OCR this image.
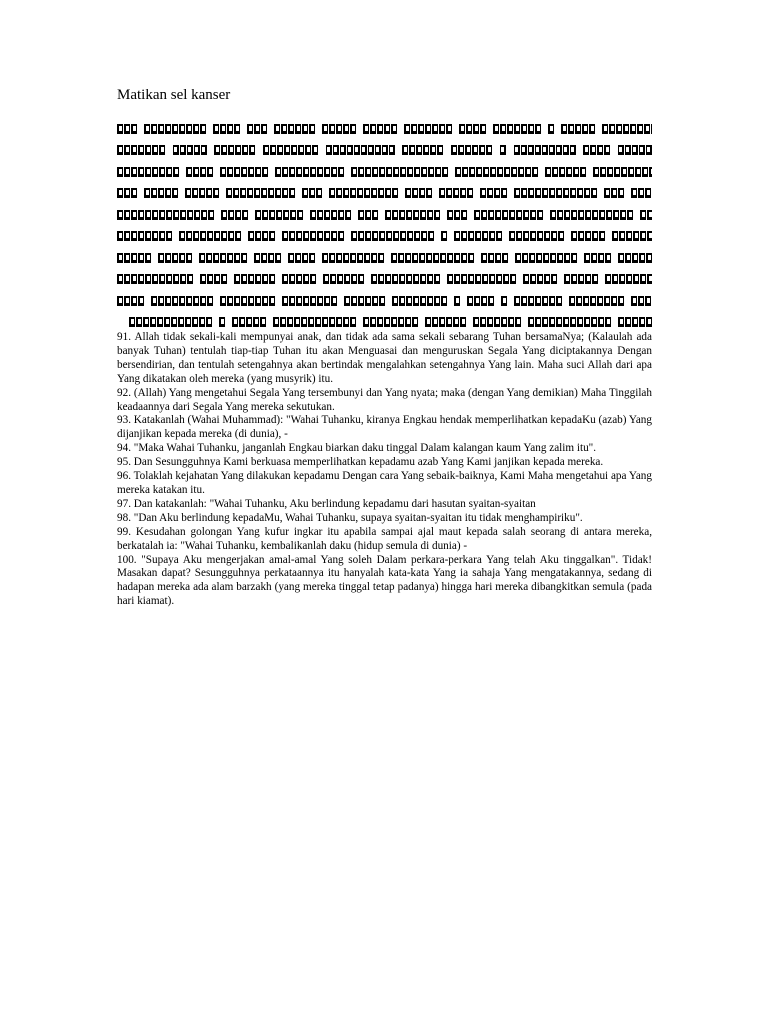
Matikan sel kanser

91. Allah tidak sekali-kali mempunyai anak, dan tidak ada sama sekali sebarang Tuhan bersamaNya; (Kalaulah ada banyak Tuhan) tentulah tiap-tiap Tuhan itu akan Menguasai dan menguruskan Segala Yang diciptakannya Dengan bersendirian, dan tentulah setengahnya akan bertindak mengalahkan setengahnya Yang lain. Maha suci Allah dari apa Yang dikatakan oleh mereka (yang musyrik) itu.

92. (Allah) Yang mengetahui Segala Yang tersembunyi dan Yang nyata; maka (dengan Yang demikian) Maha Tinggilah keadaannya dari Segala Yang mereka sekutukan.

93. Katakanlah (Wahai Muhammad): "Wahai Tuhanku, kiranya Engkau hendak memperlihatkan kepadaKu (azab) Yang dijanjikan kepada mereka (di dunia), -

94. "Maka Wahai Tuhanku, janganlah Engkau biarkan daku tinggal Dalam kalangan kaum Yang zalim itu".

95. Dan Sesungguhnya Kami berkuasa memperlihatkan kepadamu azab Yang Kami janjikan kepada mereka.

96. Tolaklah kejahatan Yang dilakukan kepadamu Dengan cara Yang sebaik-baiknya, Kami Maha mengetahui apa Yang mereka katakan itu.

97. Dan katakanlah: "Wahai Tuhanku, Aku berlindung kepadamu dari hasutan syaitan-syaitan

98. "Dan Aku berlindung kepadaMu, Wahai Tuhanku, supaya syaitan-syaitan itu tidak menghampiriku".

99. Kesudahan golongan Yang kufur ingkar itu apabila sampai ajal maut kepada salah seorang di antara mereka, berkatalah ia: "Wahai Tuhanku, kembalikanlah daku (hidup semula di dunia) -

100. "Supaya Aku mengerjakan amal-amal Yang soleh Dalam perkara-perkara Yang telah Aku tinggalkan". Tidak! Masakan dapat? Sesungguhnya perkataannya itu hanyalah kata-kata Yang ia sahaja Yang mengatakannya, sedang di hadapan mereka ada alam barzakh (yang mereka tinggal tetap padanya) hingga hari mereka dibangkitkan semula (pada hari kiamat).
